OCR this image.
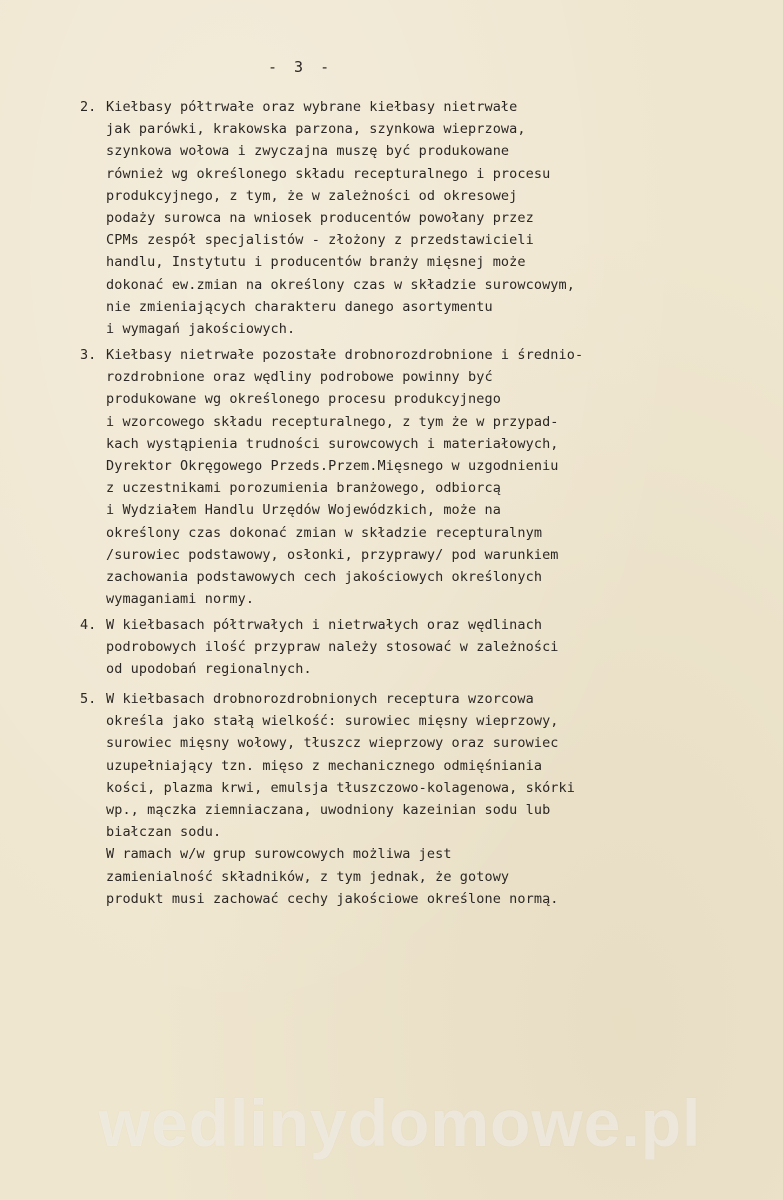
- 3 -
2. Kiełbasy półtrwałe oraz wybrane kiełbasy nietrwałe
jak parówki, krakowska parzona, szynkowa wieprzowa,
szynkowa wołowa i zwyczajna muszę być produkowane
również wg określonego składu recepturalnego i procesu
produkcyjnego, z tym, że w zależności od okresowej
podaży surowca na wniosek producentów powołany przez
CPMs zespół specjalistów - złożony z przedstawicieli
handlu, Instytutu i producentów branży mięsnej może
dokonać ew.zmian na określony czas w składzie surowcowym,
nie zmieniających charakteru danego asortymentu
i wymagań jakościowych.
3. Kiełbasy nietrwałe pozostałe drobnorozdrobnione i średnio-
rozdrobnione oraz wędliny podrobowe powinny być
produkowane wg określonego procesu produkcyjnego
i wzorcowego składu recepturalnego, z tym że w przypad-
kach wystąpienia trudności surowcowych i materiałowych,
Dyrektor Okręgowego Przeds.Przem.Mięsnego w uzgodnieniu
z uczestnikami porozumienia branżowego, odbiorcą
i Wydziałem Handlu Urzędów Wojewódzkich, może na
określony czas dokonać zmian w składzie recepturalnym
/surowiec podstawowy, osłonki, przyprawy/ pod warunkiem
zachowania podstawowych cech jakościowych określonych
wymaganiami normy.
4. W kiełbasach półtrwałych i nietrwałych oraz wędlinach
podrobowych ilość przypraw należy stosować w zależności
od upodobań regionalnych.
5. W kiełbasach drobnorozdrobnionych receptura wzorcowa
określa jako stałą wielkość: surowiec mięsny wieprzowy,
surowiec mięsny wołowy, tłuszcz wieprzowy oraz surowiec
uzupełniający tzn. mięso z mechanicznego odmięśniania
kości, plazma krwi, emulsja tłuszczowo-kolagenowa, skórki
wp., mączka ziemniaczana, uwodniony kazeinian sodu lub
białczan sodu.
W ramach w/w grup surowcowych możliwa jest
zamienialność składników, z tym jednak, że gotowy
produkt musi zachować cechy jakościowe określone normą.
wedlinydomowe.pl
